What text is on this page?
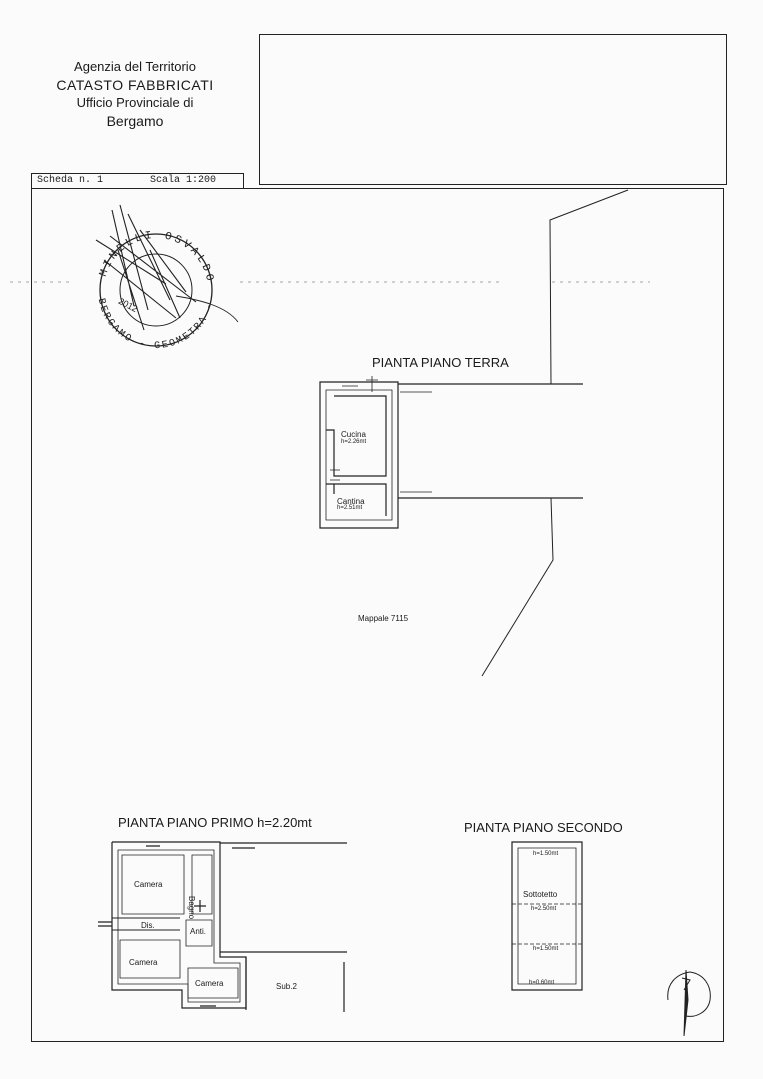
Agenzia del Territorio
CATASTO FABBRICATI
Ufficio Provinciale di
Bergamo
Scheda n. 1	Scala 1:200
MINELLI OSVALDO
BERGAMO - GEOMETRA -
PIANTA PIANO TERRA
Cucina
h=2.26mt
Cantina
h=2.51mt
Mappale 7115
PIANTA PIANO PRIMO h=2.20mt
Camera
Bagno
Dis.
Anti.
Camera
Camera	Sub.2
PIANTA PIANO SECONDO
h=1.50mt
Sottotetto
h=2.50mt
h=1.50mt
h=0.60mt
2012
